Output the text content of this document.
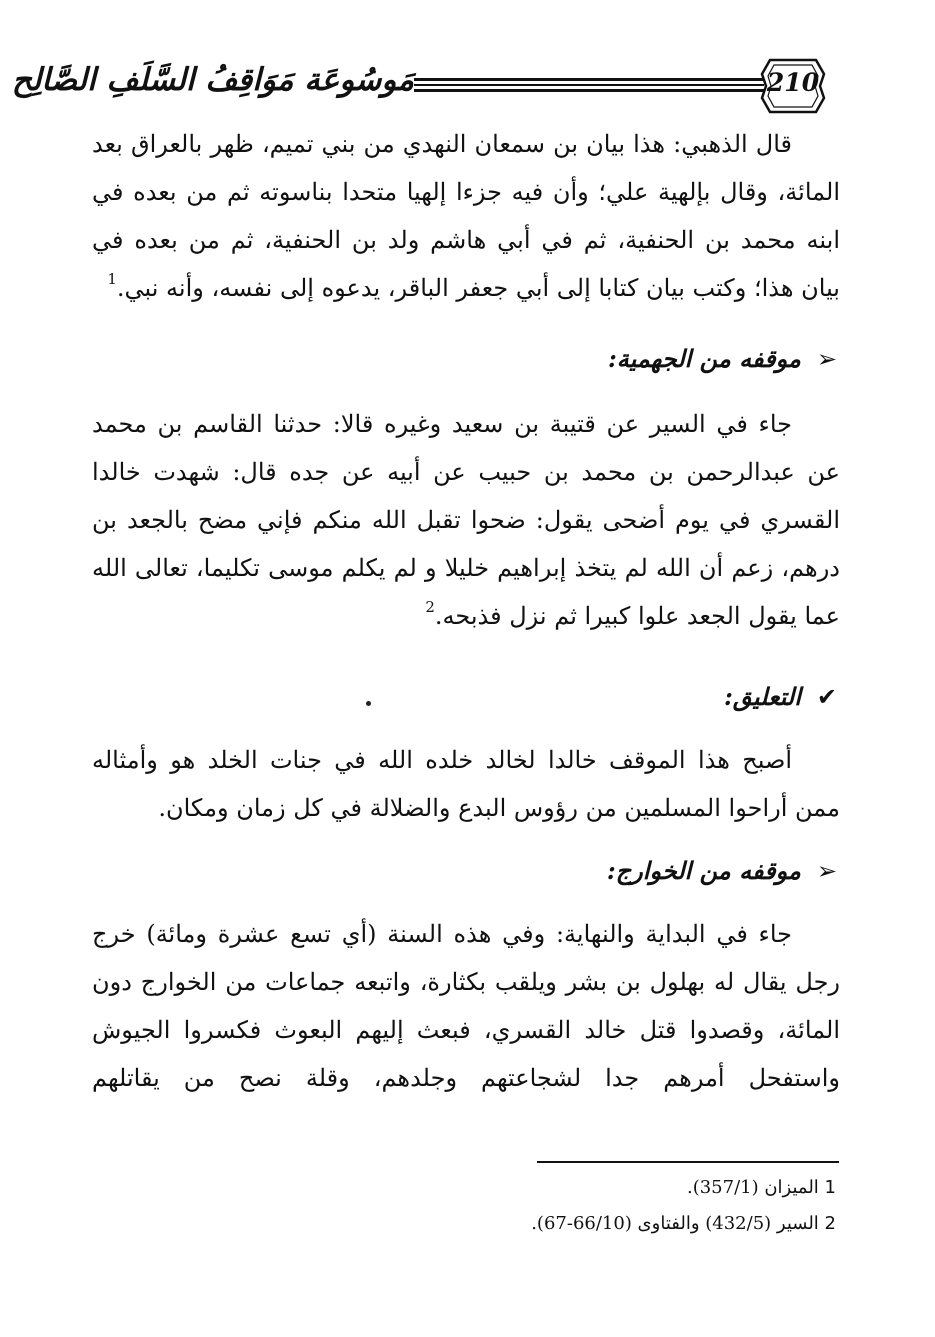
مَوسُوعَة مَوَاقِفُ السَّلَفِ الصَّالِح	210
قال الذهبي: هذا بيان بن سمعان النهدي من بني تميم، ظهر بالعراق بعد المائة، وقال بإلهية علي؛ وأن فيه جزءا إلهيا متحدا بناسوته ثم من بعده في ابنه محمد بن الحنفية، ثم في أبي هاشم ولد بن الحنفية، ثم من بعده في بيان هذا؛ وكتب بيان كتابا إلى أبي جعفر الباقر، يدعوه إلى نفسه، وأنه نبي.$^1$
➢
موقفه من الجهمية:
جاء في السير عن قتيبة بن سعيد وغيره قالا: حدثنا القاسم بن محمد عن عبدالرحمن بن محمد بن حبيب عن أبيه عن جده قال: شهدت خالدا القسري في يوم أضحى يقول: ضحوا تقبل الله منكم فإني مضح بالجعد بن درهم، زعم أن الله لم يتخذ إبراهيم خليلا و لم يكلم موسى تكليما، تعالى الله عما يقول الجعد علوا كبيرا ثم نزل فذبحه.$^2$
✔
التعليق:
أصبح هذا الموقف خالدا لخالد خلده الله في جنات الخلد هو وأمثاله ممن أراحوا المسلمين من رؤوس البدع والضلالة في كل زمان ومكان.
➢
موقفه من الخوارج:
جاء في البداية والنهاية: وفي هذه السنة (أي تسع عشرة ومائة) خرج رجل يقال له بهلول بن بشر ويلقب بكثارة، واتبعه جماعات من الخوارج دون المائة، وقصدوا قتل خالد القسري، فبعث إليهم البعوث فكسروا الجيوش واستفحل أمرهم جدا لشجاعتهم وجلدهم، وقلة نصح من يقاتلهم
1 الميزان (357/1).
2 السير (432/5) والفتاوى (66/10-67).
